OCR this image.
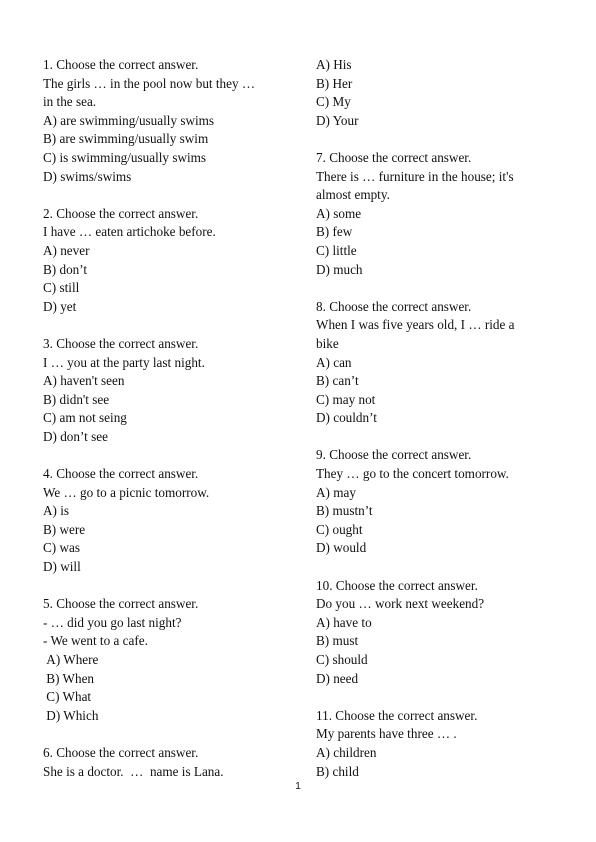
1. Choose the correct answer.
The girls … in the pool now but they …
in the sea.
A) are swimming/usually swims
B) are swimming/usually swim
C) is swimming/usually swims
D) swims/swims
2. Choose the correct answer.
I have … eaten artichoke before.
A) never
B) don’t
C) still
D) yet
3. Choose the correct answer.
I … you at the party last night.
A) haven't seen
B) didn't see
C) am not seing
D) don’t see
4. Choose the correct answer.
We … go to a picnic tomorrow.
A) is
B) were
C) was
D) will
5. Choose the correct answer.
- … did you go last night?
- We went to a cafe.
A) Where
B) When
C) What
D) Which
6. Choose the correct answer.
She is a doctor.  …  name is Lana.
A) His
B) Her
C) My
D) Your
7. Choose the correct answer.
There is … furniture in the house; it's
almost empty.
A) some
B) few
C) little
D) much
8. Choose the correct answer.
When I was five years old, I … ride a
bike
A) can
B) can’t
C) may not
D) couldn’t
9. Choose the correct answer.
They … go to the concert tomorrow.
A) may
B) mustn’t
C) ought
D) would
10. Choose the correct answer.
Do you … work next weekend?
A) have to
B) must
C) should
D) need
11. Choose the correct answer.
My parents have three … .
A) children
B) child
1
